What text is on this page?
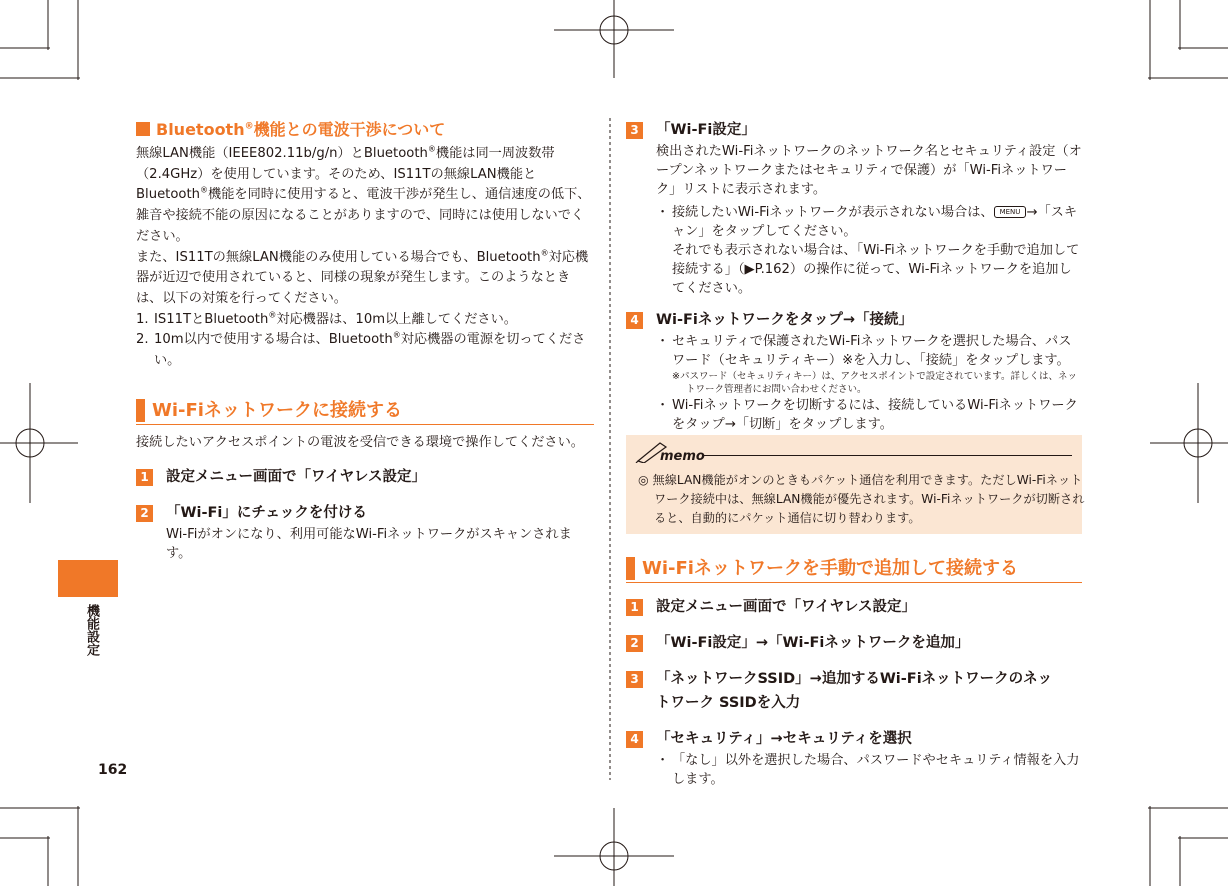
機能設定
162
Bluetooth®機能との電波干渉について

無線LAN機能（IEEE802.11b/g/n）とBluetooth®機能は同一周波数帯（2.4GHz）を使用しています。そのため、IS11Tの無線LAN機能とBluetooth®機能を同時に使用すると、電波干渉が発生し、通信速度の低下、雑音や接続不能の原因になることがありますので、同時には使用しないでください。

また、IS11Tの無線LAN機能のみ使用している場合でも、Bluetooth®対応機器が近辺で使用されていると、同様の現象が発生します。このようなときは、以下の対策を行ってください。

1. IS11TとBluetooth®対応機器は、10m以上離してください。
2. 10m以内で使用する場合は、Bluetooth®対応機器の電源を切ってください。
Wi-Fiネットワークに接続する

接続したいアクセスポイントの電波を受信できる環境で操作してください。

1 設定メニュー画面で「ワイヤレス設定」
2 「Wi-Fi」にチェックを付ける
Wi-Fiがオンになり、利用可能なWi-Fiネットワークがスキャンされます。
3 「Wi-Fi設定」
検出されたWi-Fiネットワークのネットワーク名とセキュリティ設定（オープンネットワークまたはセキュリティで保護）が「Wi-Fiネットワーク」リストに表示されます。
・ 接続したいWi-Fiネットワークが表示されない場合は、 MENU →「スキャン」をタップしてください。
それでも表示されない場合は、「Wi-Fiネットワークを手動で追加して接続する」（▶P.162）の操作に従って、Wi-Fiネットワークを追加してください。
4 Wi-Fiネットワークをタップ→「接続」
・ セキュリティで保護されたWi-Fiネットワークを選択した場合、パスワード（セキュリティキー）※を入力し、「接続」をタップします。
※パスワード（セキュリティキー）は、アクセスポイントで設定されています。詳しくは、ネットワーク管理者にお問い合わせください。
・ Wi-Fiネットワークを切断するには、接続しているWi-Fiネットワークをタップ→「切断」をタップします。
memo
◎ 無線LAN機能がオンのときもパケット通信を利用できます。ただしWi-Fiネットワーク接続中は、無線LAN機能が優先されます。Wi-Fiネットワークが切断されると、自動的にパケット通信に切り替わります。
Wi-Fiネットワークを手動で追加して接続する
1 設定メニュー画面で「ワイヤレス設定」
2 「Wi-Fi設定」→「Wi-Fiネットワークを追加」
3 「ネットワークSSID」→追加するWi-Fiネットワークのネットワーク SSIDを入力
4 「セキュリティ」→セキュリティを選択
・ 「なし」以外を選択した場合、パスワードやセキュリティ情報を入力します。
